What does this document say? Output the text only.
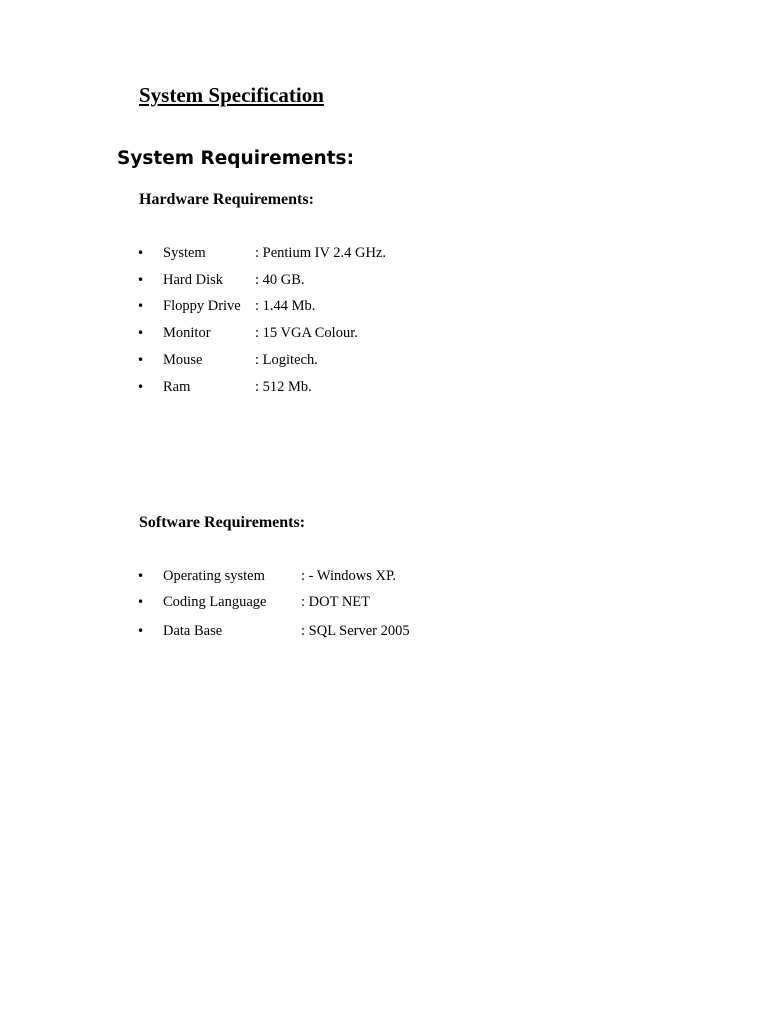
System Specification
System Requirements:
Hardware Requirements:
• System	: Pentium IV 2.4 GHz.
• Hard Disk : 40 GB.
• Floppy Drive : 1.44 Mb.
• Monitor	: 15 VGA Colour.
• Mouse	: Logitech.
• Ram	: 512 Mb.
Software Requirements:
• Operating system : - Windows XP.
• Coding Language : DOT NET
• Data Base	: SQL Server 2005
